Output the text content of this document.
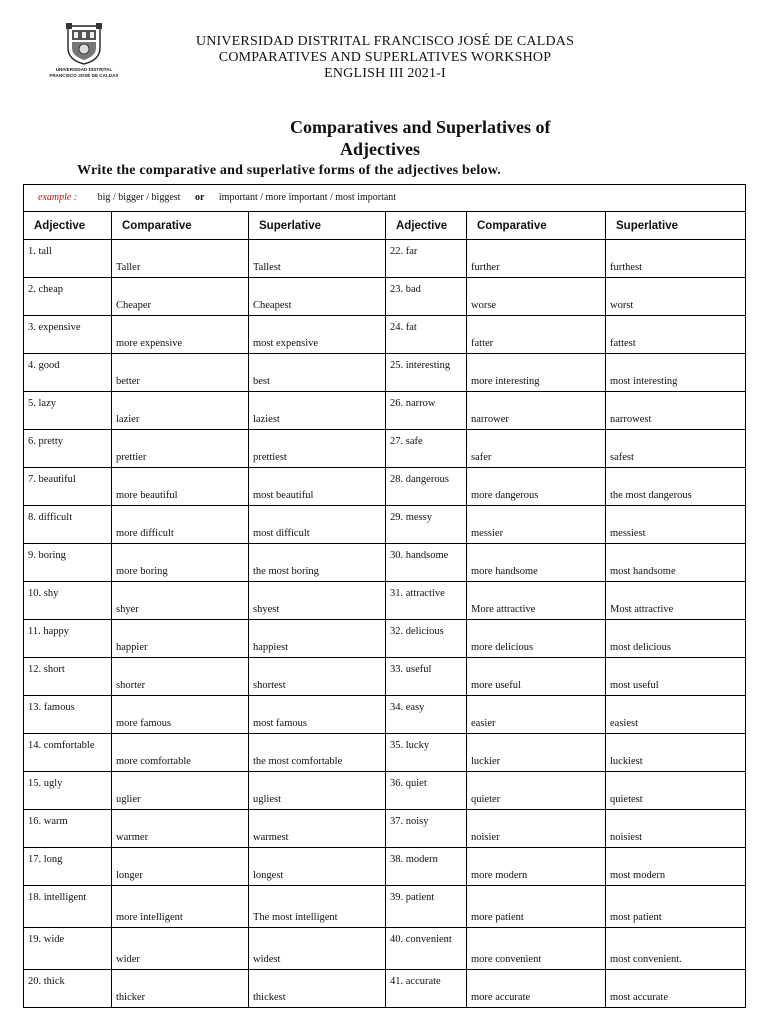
UNIVERSIDAD DISTRITAL
FRANCISCO JOSÉ DE CALDAS
UNIVERSIDAD DISTRITAL FRANCISCO JOSÉ DE CALDAS
COMPARATIVES AND SUPERLATIVES WORKSHOP
ENGLISH III 2021-I
Comparatives and Superlatives of
Adjectives
Write the comparative and superlative forms of the adjectives below.
example : big / bigger / biggest or important / more important / most important					
Adjective	Comparative	Superlative	Adjective	Comparative	Superlative
1. tall	Taller	Tallest	22. far	further	furthest
2. cheap	Cheaper	Cheapest	23. bad	worse	worst
3. expensive	more expensive	most expensive	24. fat	fatter	fattest
4. good	better	best	25. interesting	more interesting	most interesting
5. lazy	lazier	laziest	26. narrow	narrower	narrowest
6. pretty	prettier	prettiest	27. safe	safer	safest
7. beautiful	more beautiful	most beautiful	28. dangerous	more dangerous	the most dangerous
8. difficult	more difficult	most difficult	29. messy	messier	messiest
9. boring	more boring	the most boring	30. handsome	more handsome	most handsome
10. shy	shyer	shyest	31. attractive	More attractive	Most attractive
11. happy	happier	happiest	32. delicious	more delicious	most delicious
12. short	shorter	shortest	33. useful	more useful	most useful
13. famous	more famous	most famous	34. easy	easier	easiest
14. comfortable	more comfortable	the most comfortable	35. lucky	luckier	luckiest
15. ugly	uglier	ugliest	36. quiet	quieter	quietest
16. warm	warmer	warmest	37. noisy	noisier	noisiest
17. long	longer	longest	38. modern	more modern	most modern
18. intelligent	more intelligent	The most intelligent	39. patient	more patient	most patient
19. wide	wider	widest	40. convenient	more convenient	most convenient.
20. thick	thicker	thickest	41. accurate	more accurate	most accurate
